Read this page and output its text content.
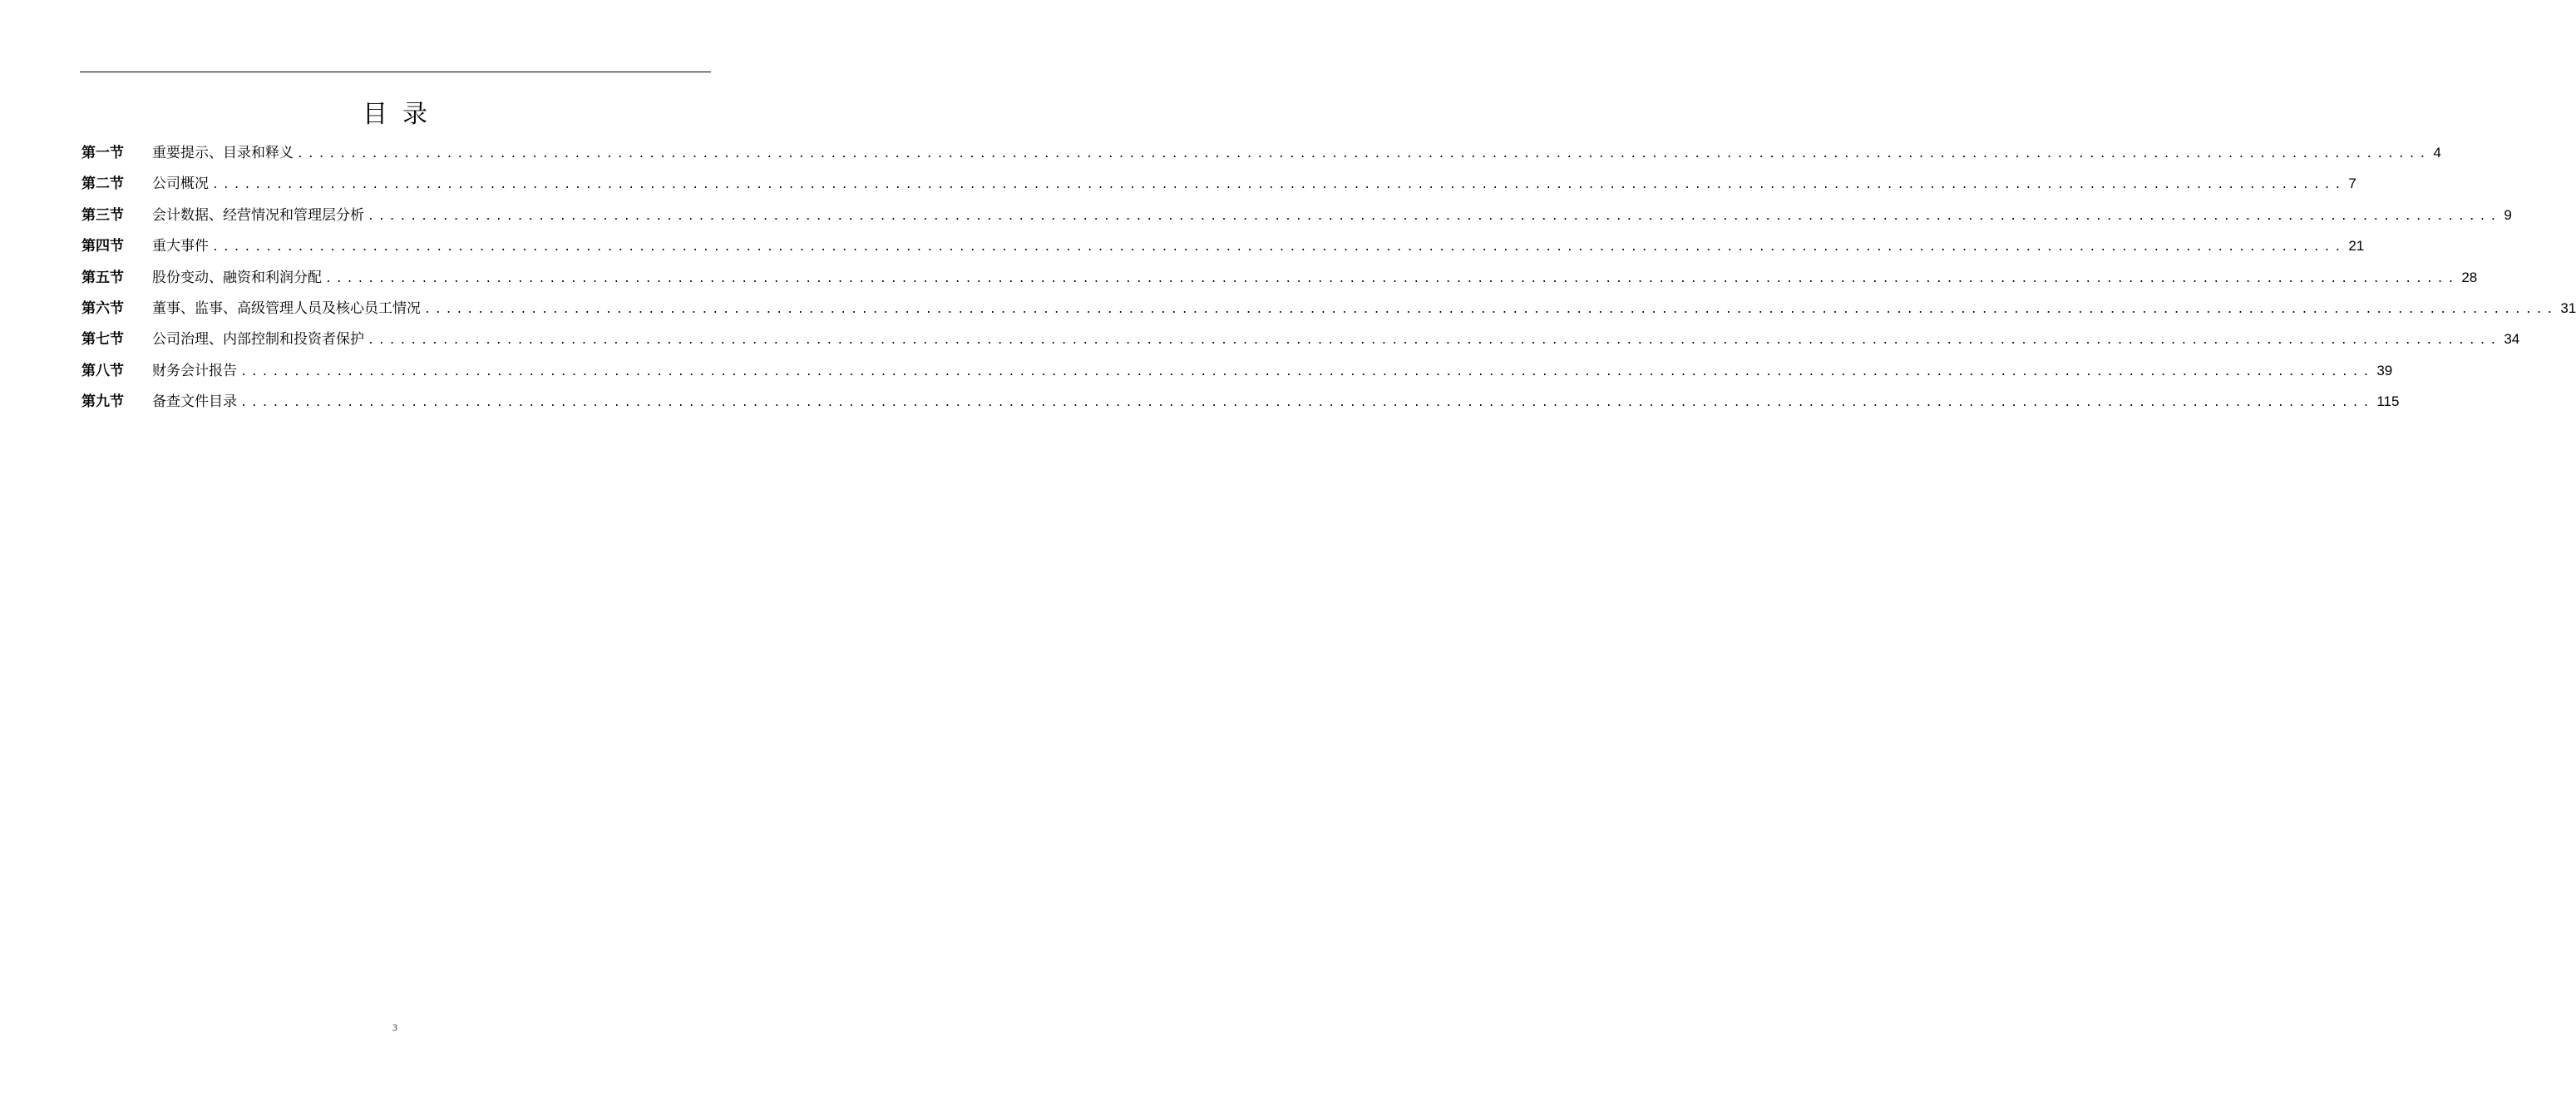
目录
第一节	重要提示、目录和释义 ........................................................................................................................................................................................................ 4
第二节	公司概况 ........................................................................................................................................................................................................ 7
第三节	会计数据、经营情况和管理层分析 ........................................................................................................................................................................................................ 9
第四节	重大事件 ........................................................................................................................................................................................................ 21
第五节	股份变动、融资和利润分配 ........................................................................................................................................................................................................ 28
第六节	董事、监事、高级管理人员及核心员工情况 ........................................................................................................................................................................................................ 31
第七节	公司治理、内部控制和投资者保护 ........................................................................................................................................................................................................ 34
第八节	财务会计报告 ........................................................................................................................................................................................................ 39
第九节	备查文件目录 ........................................................................................................................................................................................................ 115
3
